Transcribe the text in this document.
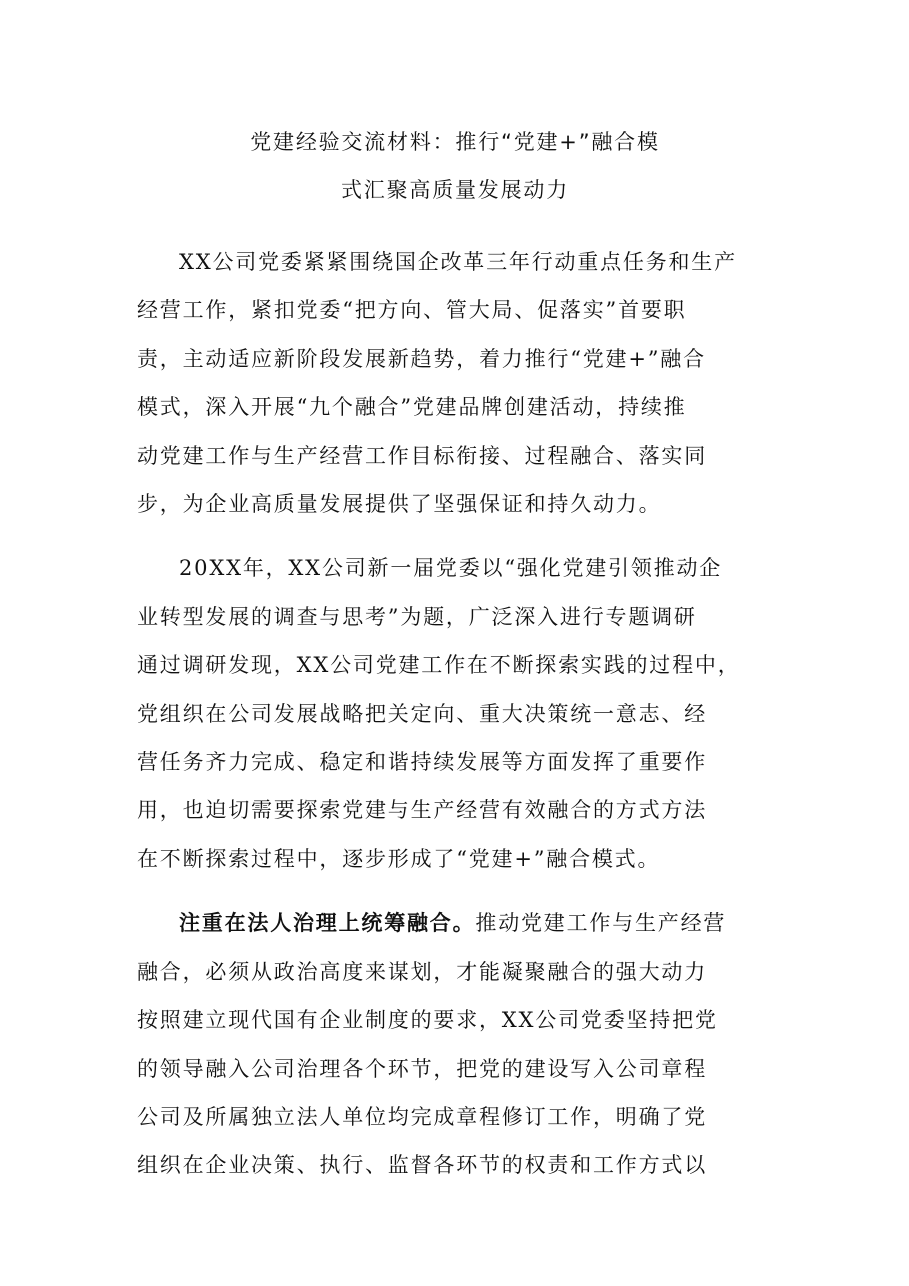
党建经验交流材料：推行“党建+”融合模
式汇聚高质量发展动力
XX公司党委紧紧围绕国企改革三年行动重点任务和生产
经营工作，紧扣党委“把方向、管大局、促落实”首要职
责，主动适应新阶段发展新趋势，着力推行“党建+”融合
模式，深入开展“九个融合”党建品牌创建活动，持续推
动党建工作与生产经营工作目标衔接、过程融合、落实同
步，为企业高质量发展提供了坚强保证和持久动力。
20XX年，XX公司新一届党委以“强化党建引领推动企
业转型发展的调查与思考”为题，广泛深入进行专题调研
通过调研发现，XX公司党建工作在不断探索实践的过程中，
党组织在公司发展战略把关定向、重大决策统一意志、经
营任务齐力完成、稳定和谐持续发展等方面发挥了重要作
用，也迫切需要探索党建与生产经营有效融合的方式方法
在不断探索过程中，逐步形成了“党建+”融合模式。
注重在法人治理上统筹融合。推动党建工作与生产经营
融合，必须从政治高度来谋划，才能凝聚融合的强大动力
按照建立现代国有企业制度的要求，XX公司党委坚持把党
的领导融入公司治理各个环节，把党的建设写入公司章程
公司及所属独立法人单位均完成章程修订工作，明确了党
组织在企业决策、执行、监督各环节的权责和工作方式以
